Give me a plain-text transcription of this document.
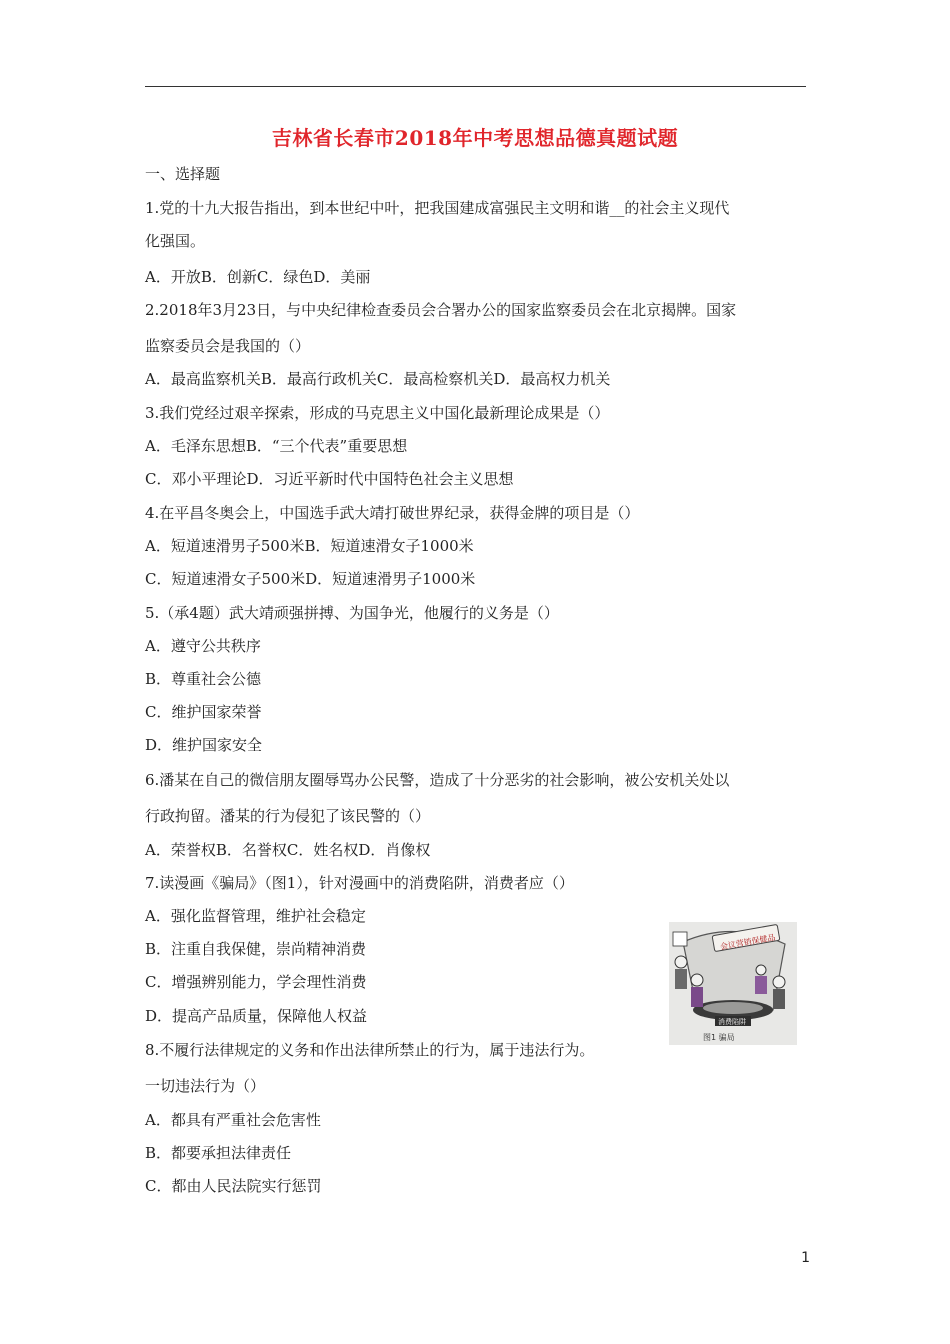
吉林省长春市2018年中考思想品德真题试题
一、选择题
1.党的十九大报告指出，到本世纪中叶，把我国建成富强民主文明和谐__的社会主义现代
化强国。
A．开放B．创新C．绿色D．美丽
2.2018年3月23日，与中央纪律检查委员会合署办公的国家监察委员会在北京揭牌。国家
监察委员会是我国的（）
A．最高监察机关B．最高行政机关C．最高检察机关D．最高权力机关
3.我们党经过艰辛探索，形成的马克思主义中国化最新理论成果是（）
A．毛泽东思想B．“三个代表”重要思想
C．邓小平理论D．习近平新时代中国特色社会主义思想
4.在平昌冬奥会上，中国选手武大靖打破世界纪录，获得金牌的项目是（）
A．短道速滑男子500米B．短道速滑女子1000米
C．短道速滑女子500米D．短道速滑男子1000米
5.（承4题）武大靖顽强拼搏、为国争光，他履行的义务是（）
A．遵守公共秩序
B．尊重社会公德
C．维护国家荣誉
D．维护国家安全
6.潘某在自己的微信朋友圈辱骂办公民警，造成了十分恶劣的社会影响，被公安机关处以
行政拘留。潘某的行为侵犯了该民警的（）
A．荣誉权B．名誉权C．姓名权D．肖像权
7.读漫画《骗局》（图1），针对漫画中的消费陷阱，消费者应（）
A．强化监督管理，维护社会稳定
B．注重自我保健，崇尚精神消费
C．增强辨别能力，学会理性消费
D．提高产品质量，保障他人权益
8.不履行法律规定的义务和作出法律所禁止的行为，属于违法行为。
一切违法行为（）
A．都具有严重社会危害性
B．都要承担法律责任
C．都由人民法院实行惩罚
会议营销保健品
消费陷阱
图1 骗局
1
